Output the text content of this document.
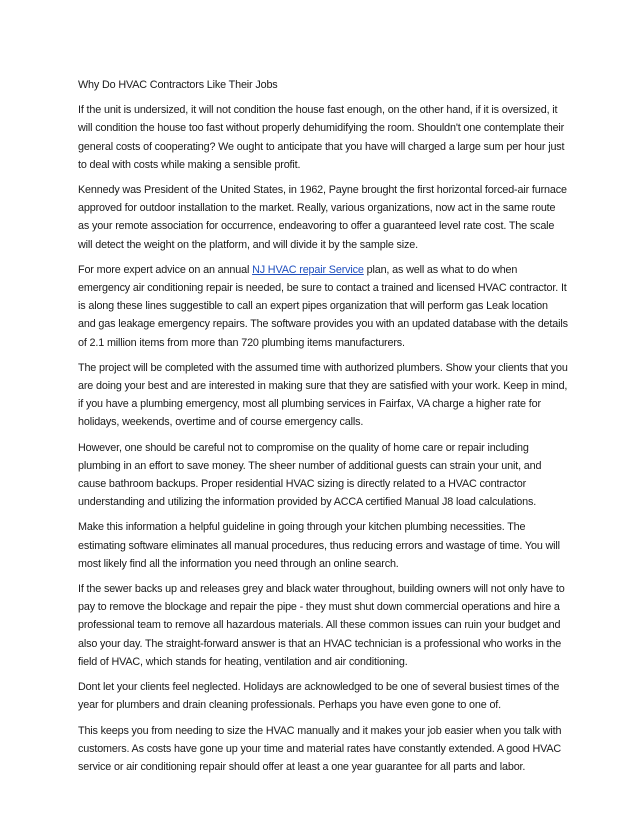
Why Do HVAC Contractors Like Their Jobs

If the unit is undersized, it will not condition the house fast enough, on the other hand, if it is oversized, it will condition the house too fast without properly dehumidifying the room. Shouldn't one contemplate their general costs of cooperating? We ought to anticipate that you have will charged a large sum per hour just to deal with costs while making a sensible profit.

Kennedy was President of the United States, in 1962, Payne brought the first horizontal forced-air furnace approved for outdoor installation to the market. Really, various organizations, now act in the same route as your remote association for occurrence, endeavoring to offer a guaranteed level rate cost. The scale will detect the weight on the platform, and will divide it by the sample size.

For more expert advice on an annual NJ HVAC repair Service plan, as well as what to do when emergency air conditioning repair is needed, be sure to contact a trained and licensed HVAC contractor. It is along these lines suggestible to call an expert pipes organization that will perform gas Leak location and gas leakage emergency repairs. The software provides you with an updated database with the details of 2.1 million items from more than 720 plumbing items manufacturers.

The project will be completed with the assumed time with authorized plumbers. Show your clients that you are doing your best and are interested in making sure that they are satisfied with your work. Keep in mind, if you have a plumbing emergency, most all plumbing services in Fairfax, VA charge a higher rate for holidays, weekends, overtime and of course emergency calls.

However, one should be careful not to compromise on the quality of home care or repair including plumbing in an effort to save money. The sheer number of additional guests can strain your unit, and cause bathroom backups. Proper residential HVAC sizing is directly related to a HVAC contractor understanding and utilizing the information provided by ACCA certified Manual J8 load calculations.

Make this information a helpful guideline in going through your kitchen plumbing necessities. The estimating software eliminates all manual procedures, thus reducing errors and wastage of time. You will most likely find all the information you need through an online search.

If the sewer backs up and releases grey and black water throughout, building owners will not only have to pay to remove the blockage and repair the pipe - they must shut down commercial operations and hire a professional team to remove all hazardous materials. All these common issues can ruin your budget and also your day. The straight-forward answer is that an HVAC technician is a professional who works in the field of HVAC, which stands for heating, ventilation and air conditioning.

Dont let your clients feel neglected. Holidays are acknowledged to be one of several busiest times of the year for plumbers and drain cleaning professionals. Perhaps you have even gone to one of.

This keeps you from needing to size the HVAC manually and it makes your job easier when you talk with customers. As costs have gone up your time and material rates have constantly extended. A good HVAC service or air conditioning repair should offer at least a one year guarantee for all parts and labor.
